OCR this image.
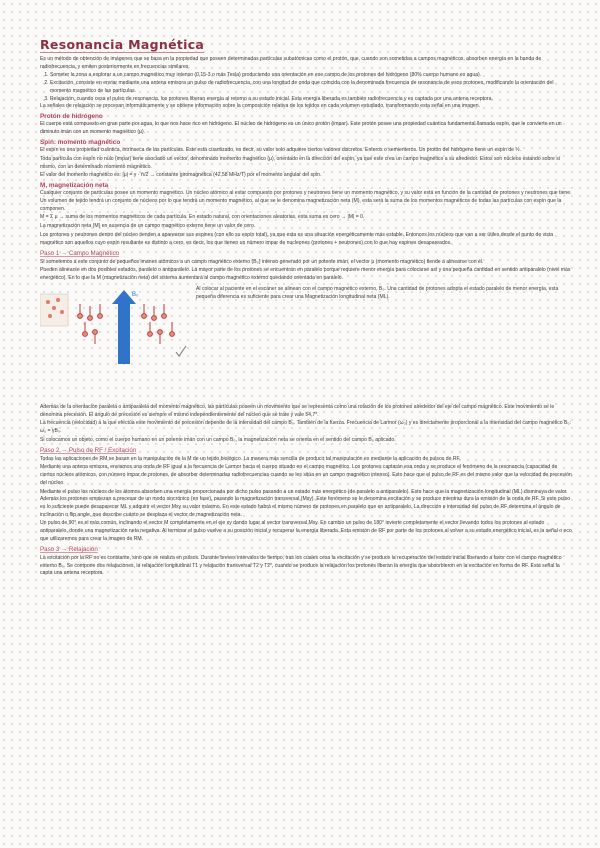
Resonancia Magnética

Es un método de obtención de imágenes que se basa en la propiedad que poseen determinadas partículas subatómicas como el protón, que, cuando son sometidas a campos magnéticos, absorben energía en la banda de radiofrecuencia, y emiten posteriormente en frecuencias similares.

1. Someter la zona a explorar a un campo magnético muy intenso (0,15-3 o más Tesla) produciendo una orientación en ese campo de los protones del hidrógeno (80% cuerpo humano es agua).
2. Excitación, consiste en enviar mediante una antena emisora un pulso de radiofrecuencia, con una longitud de onda que coincida con la denominada frecuencia de resonancia de esos protones, modificando la orientación del momento magnético de las partículas.
3. Relajación, cuando cesa el pulso de resonancia, los protones liberan energía al retorno a su estado inicial. Esta energía liberada es también radiofrecuencia y es captada por una antena receptora.

La señales de relajación se procesan informáticamente y se obtiene información sobre la composición relativa de los tejidos en cada volumen estudiado, transformando esta señal en una imagen.

Protón de hidrógeno

El cuerpo está compuesto en gran parte por agua, lo que nos hace rico en hidrógeno. El núcleo de hidrógeno es un único protón (impar). Este protón posee una propiedad cuántica fundamental llamada espín, que le convierte en un diminuto imán con un momento magnético (μ).

Spin: momento magnético

El espín es una propiedad cuántica, intrínseca de las partículas. Este está cuantizado, es decir, su valor solo adquiere ciertos valores discretos. Enteros o semienteros. Un protón del hidrógeno tiene un espín de ½.

Toda partícula con espín no nulo (impar) tiene asociado un vector, denominado momento magnético (μ), orientado en la dirección del espín, ya que este crea un campo magnético a su alrededor. Estos son núcleos estando sobre sí mismo, con un determinado momento magnético.

El valor del momento magnético es: |μ| = γ · ℏ/2 → constante giromagnética (42,58 MHz/T) por el momento angular del spin.

M, magnetización neta

Cualquier conjunto de partículas posee un momento magnético. Un núcleo atómico al estar compuesto por protones y neutrones tiene un momento magnético, y su valor está en función de la cantidad de protones y neutrones que tiene. Un volumen de tejido tendrá un conjunto de núcleos por lo que tendrá un momento magnético, al que se le denomina magnetización neta (M), esta será la suma de los momentos magnéticos de todas las partículas con espín que la componen.

M = Σ μ → suma de los momentos magnéticos de cada partícula. En estado natural, con orientaciones aleatorias, esta suma es cero → |M| = 0.

La magnetización neta (M) en ausencia de un campo magnético externo tiene un valor de cero.

Los protones y neutrones dentro del núcleo tienden a aparearse sus espines (con ello su espín total), ya que esta es una situación energéticamente más estable. Entonces los núcleos que van a ser útiles desde el punto de vista magnético son aquellos cuyo espín resultante es distinto a cero, es decir, los que tienen un número impar de nucleones (protones + neutrones) con lo que hay espines desapareados.

Paso 1 → Campo Magnético

Si sometemos a este conjunto de pequeños imanes atómicos a un campo magnético externo (B₀) intenso generado por un potente imán, el vector μ (momento magnético) tiende a alinearse con él.

Pueden alinearse en dos posibles estados, paralelo o antiparalelo. La mayor parte de los protones se encuentran en paralelo porque requiere menor energía para colocarse así y una pequeña cantidad en sentido antiparalelo (nivel más energético). En lo que la M (magnetización neta) del sistema aumentará al campo magnético externo quedando orientada en paralelo.

B₀

Al colocar al paciente en el escáner se alinean con el campo magnético externo, B₀. Una cantidad de protones adopta el estado paralelo de menor energía, esta pequeña diferencia es suficiente para crear una Magnetización longitudinal neta (ML).

Además de la orientación paralela o antiparalela del momento magnético, las partículas poseen un movimiento que se representa como una rotación de los protones alrededor del eje del campo magnético. Este movimiento se le denomina precesión. El ángulo de precesión es siempre el mismo independientemente del núcleo que se trate y vale 54,7°.

La frecuencia (velocidad) a la que efectúa este movimiento de precesión depende de la intensidad del campo B₀. También de la fuerza. Frecuencia de Larmor (ω₀) y es directamente proporcional a la intensidad del campo magnético B₀: ω₀ = γB₀.

Si colocamos un objeto, como el cuerpo humano en un potente imán con un campo B₀, la magnetización neta se orienta en el sentido del campo B₀ aplicado.

Paso 2 → Pulso de RF / Excitación

Todas las aplicaciones de RM se basan en la manipulación de la M de un tejido biológico. La manera más sencilla de producir tal manipulación es mediante la aplicación de pulsos de RF.

Mediante una antena emisora, enviamos una onda de RF igual a la frecuencia de Larmor hacia el cuerpo situado en el campo magnético. Los protones captarán esa onda y se produce el fenómeno de la resonancia (capacidad de ciertos núcleos atómicos, con número impar de protones, de absorber determinadas radiofrecuencias cuando se les sitúa en un campo magnético intenso). Esto hace que el pulso de RF es del mismo valor que la velocidad de precesión del núcleo.

Mediante el pulso los núcleos de los átomos absorben una energía proporcionada por dicho pulso pasando a un estado más energético (de paralelo a antiparalelo). Esto hace que la magnetización longitudinal (ML) disminuya de valor. Además los protones empiezan a precesar de un modo sincrónico (en fase), pasando la magnetización transversal (Mxy). Este fenómeno se le denomina excitación y se produce mientras dura la emisión de la onda de RF. Si este pulso es lo suficiente puede desaparecer ML y adquirir el vector Mxy su valor máximo. En este estado habrá el mismo número de protones en paralelo que en antiparalelo. La dirección e intensidad del pulso de RF determina el ángulo de inclinación o flip angle, que describe cuánto se desplaza el vector de magnetización neta.

Un pulso de 90° es el más común, inclinando el vector M completamente en el eje xy dando lugar al vector transversal Mxy. En cambio un pulso de 180° invierte completamente el vector llevando todos los protones al estado antiparalelo, donde una magnetización neta negativa. Al terminar el pulso vuelve a su posición inicial y recuperar la energía liberada. Esta emisión de RF por parte de los protones al volver a su estado energético inicial, es la señal o eco que utilizaremos para crear la imagen de RM.

Paso 3 → Relajación

La excitación por la RF no es constante, sino que se realiza en pulsos. Durante breves intervalos de tiempo, tras los cuales cesa la excitación y se produce la recuperación del estado inicial liberando a favor con el campo magnético externo B₀. Se compone dos relajaciones, la relajación longitudinal T1 y relajación transversal T2 y T2*, cuando se produce la relajación los protones liberan la energía que absorbieron en la excitación en forma de RF. Esta señal la capta una antena receptora.
